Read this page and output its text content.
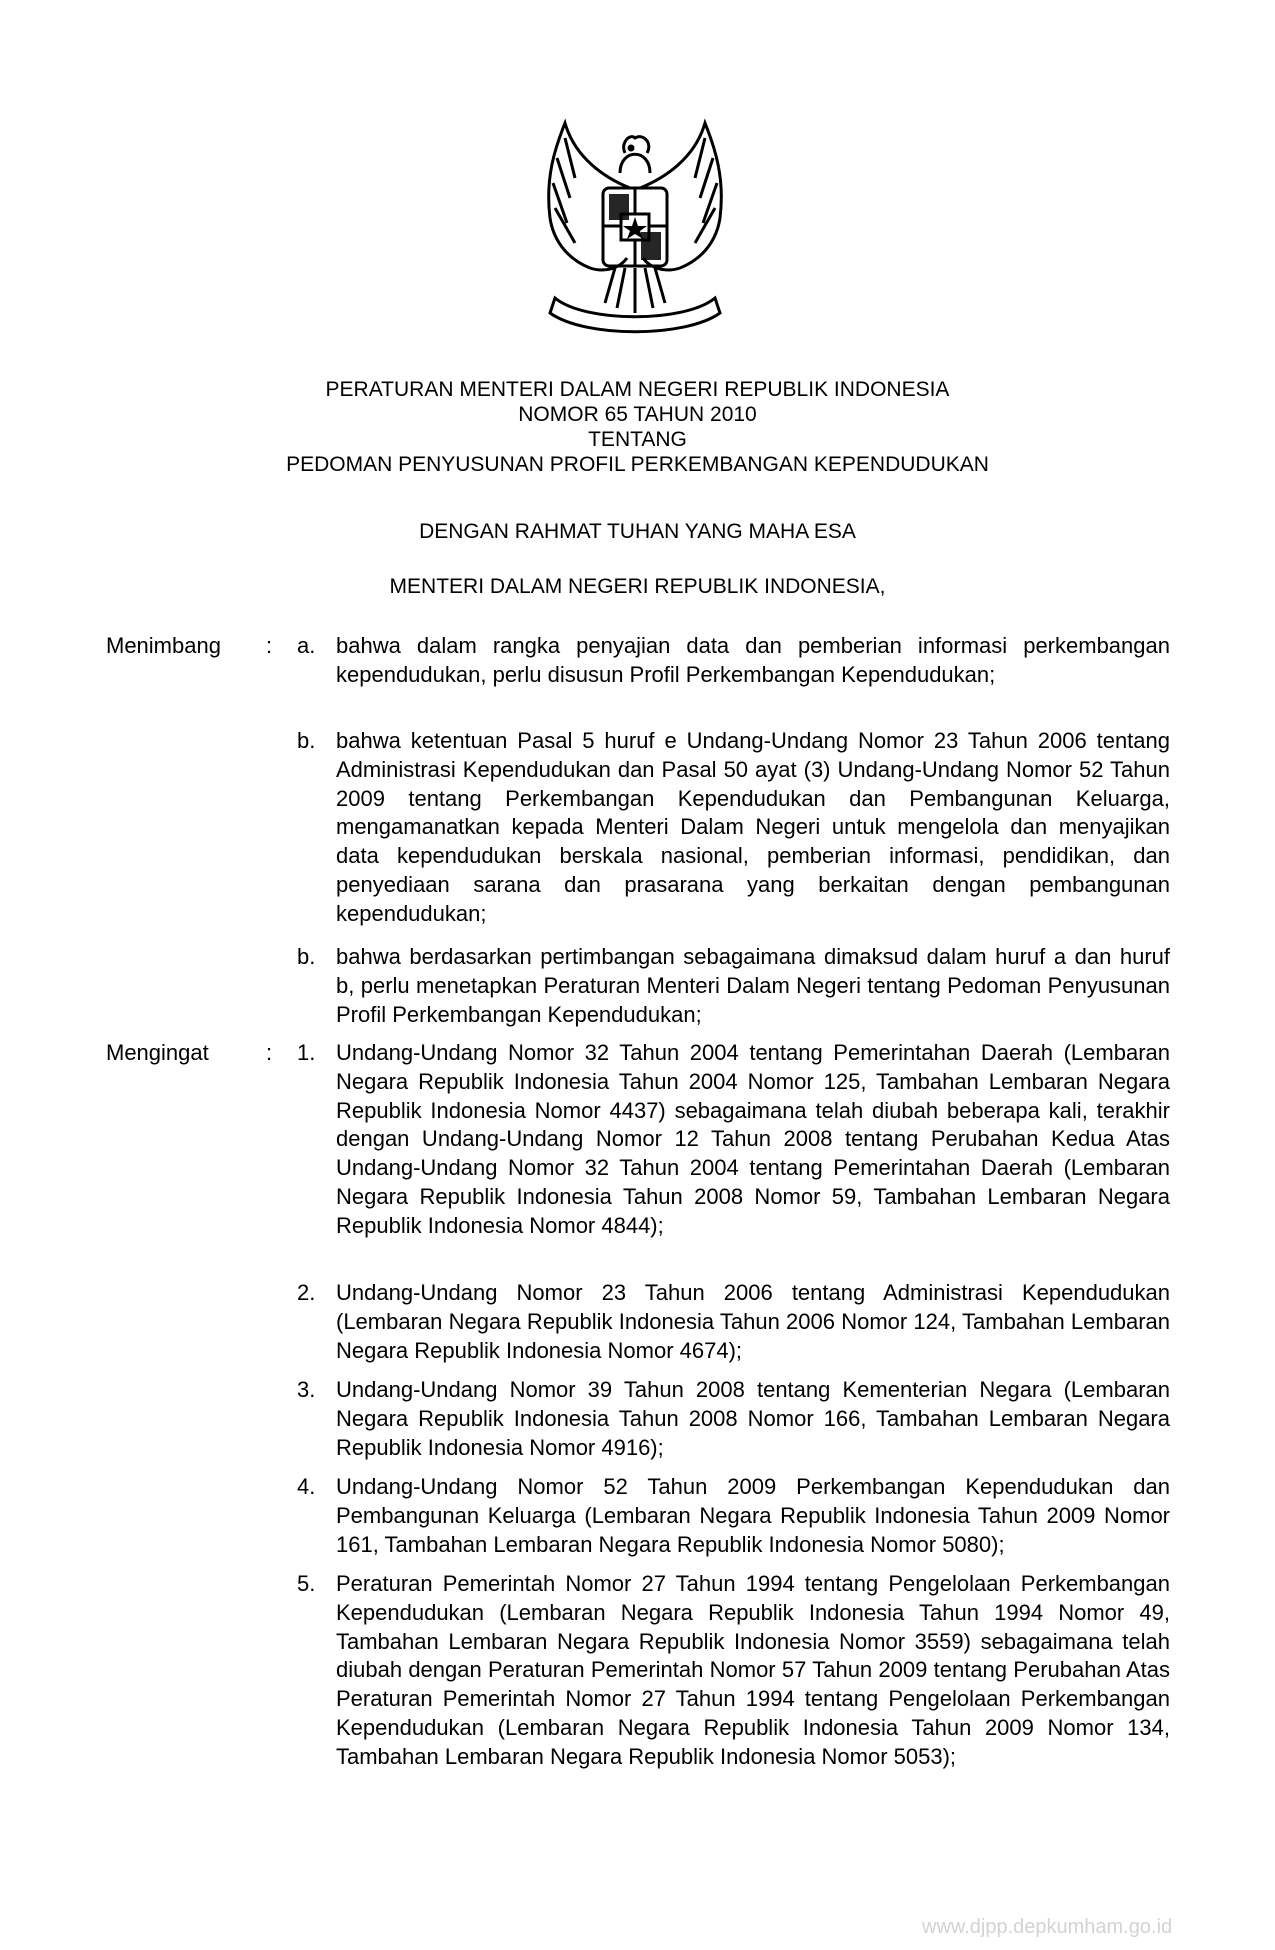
PERATURAN MENTERI DALAM NEGERI REPUBLIK INDONESIA
NOMOR 65 TAHUN 2010
TENTANG
PEDOMAN PENYUSUNAN PROFIL PERKEMBANGAN KEPENDUDUKAN
DENGAN RAHMAT TUHAN YANG MAHA ESA
MENTERI DALAM NEGERI REPUBLIK INDONESIA,
Menimbang : a. bahwa dalam rangka penyajian data dan pemberian informasi perkembangan kependudukan, perlu disusun Profil Perkembangan Kependudukan;
b. bahwa ketentuan Pasal 5 huruf e Undang-Undang Nomor 23 Tahun 2006 tentang Administrasi Kependudukan dan Pasal 50 ayat (3) Undang-Undang Nomor 52 Tahun 2009 tentang Perkembangan Kependudukan dan Pembangunan Keluarga, mengamanatkan kepada Menteri Dalam Negeri untuk mengelola dan menyajikan data kependudukan berskala nasional, pemberian informasi, pendidikan, dan penyediaan sarana dan prasarana yang berkaitan dengan pembangunan kependudukan;
b. bahwa berdasarkan pertimbangan sebagaimana dimaksud dalam huruf a dan huruf b, perlu menetapkan Peraturan Menteri Dalam Negeri tentang Pedoman Penyusunan Profil Perkembangan Kependudukan;
Mengingat	: 1. Undang-Undang Nomor 32 Tahun 2004 tentang Pemerintahan Daerah (Lembaran Negara Republik Indonesia Tahun 2004 Nomor 125, Tambahan Lembaran Negara Republik Indonesia Nomor 4437) sebagaimana telah diubah beberapa kali, terakhir dengan Undang-Undang Nomor 12 Tahun 2008 tentang Perubahan Kedua Atas Undang-Undang Nomor 32 Tahun 2004 tentang Pemerintahan Daerah (Lembaran Negara Republik Indonesia Tahun 2008 Nomor 59, Tambahan Lembaran Negara Republik Indonesia Nomor 4844);
2. Undang-Undang Nomor 23 Tahun 2006 tentang Administrasi Kependudukan (Lembaran Negara Republik Indonesia Tahun 2006 Nomor 124, Tambahan Lembaran Negara Republik Indonesia Nomor 4674);
3. Undang-Undang Nomor 39 Tahun 2008 tentang Kementerian Negara (Lembaran Negara Republik Indonesia Tahun 2008 Nomor 166, Tambahan Lembaran Negara Republik Indonesia Nomor 4916);
4. Undang-Undang Nomor 52 Tahun 2009 Perkembangan Kependudukan dan Pembangunan Keluarga (Lembaran Negara Republik Indonesia Tahun 2009 Nomor 161, Tambahan Lembaran Negara Republik Indonesia Nomor 5080);
5. Peraturan Pemerintah Nomor 27 Tahun 1994 tentang Pengelolaan Perkembangan Kependudukan (Lembaran Negara Republik Indonesia Tahun 1994 Nomor 49, Tambahan Lembaran Negara Republik Indonesia Nomor 3559) sebagaimana telah diubah dengan Peraturan Pemerintah Nomor 57 Tahun 2009 tentang Perubahan Atas Peraturan Pemerintah Nomor 27 Tahun 1994 tentang Pengelolaan Perkembangan Kependudukan (Lembaran Negara Republik Indonesia Tahun 2009 Nomor 134, Tambahan Lembaran Negara Republik Indonesia Nomor 5053);
www.djpp.depkumham.go.id
